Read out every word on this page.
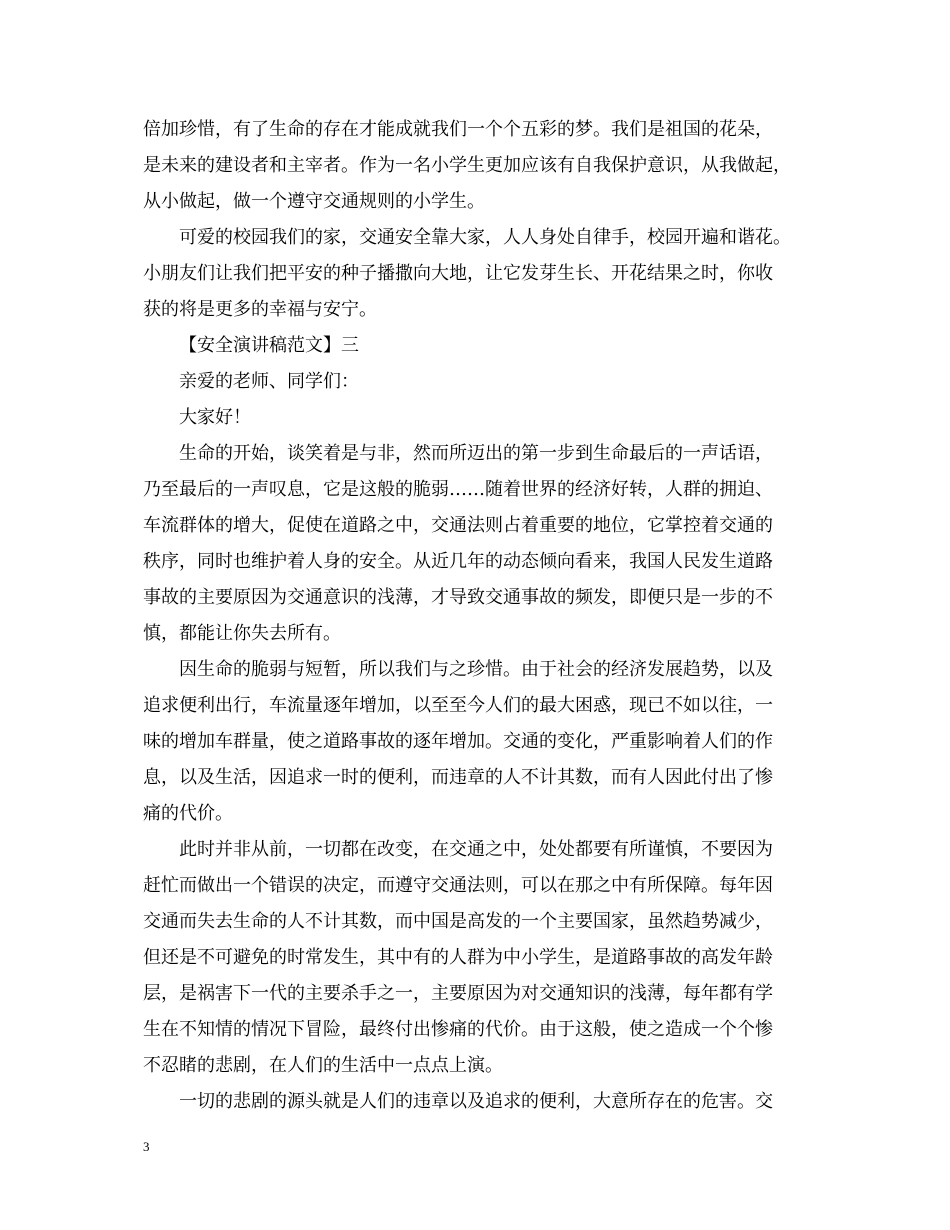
倍加珍惜，有了生命的存在才能成就我们一个个五彩的梦。我们是祖国的花朵，
是未来的建设者和主宰者。作为一名小学生更加应该有自我保护意识，从我做起，
从小做起，做一个遵守交通规则的小学生。
可爱的校园我们的家，交通安全靠大家，人人身处自律手，校园开遍和谐花。
小朋友们让我们把平安的种子播撒向大地，让它发芽生长、开花结果之时，你收
获的将是更多的幸福与安宁。
【安全演讲稿范文】三
亲爱的老师、同学们：
大家好！
生命的开始，谈笑着是与非，然而所迈出的第一步到生命最后的一声话语，
乃至最后的一声叹息，它是这般的脆弱……随着世界的经济好转，人群的拥迫、
车流群体的增大，促使在道路之中，交通法则占着重要的地位，它掌控着交通的
秩序，同时也维护着人身的安全。从近几年的动态倾向看来，我国人民发生道路
事故的主要原因为交通意识的浅薄，才导致交通事故的频发，即便只是一步的不
慎，都能让你失去所有。
因生命的脆弱与短暂，所以我们与之珍惜。由于社会的经济发展趋势，以及
追求便利出行，车流量逐年增加，以至至今人们的最大困惑，现已不如以往，一
味的增加车群量，使之道路事故的逐年增加。交通的变化，严重影响着人们的作
息，以及生活，因追求一时的便利，而违章的人不计其数，而有人因此付出了惨
痛的代价。
此时并非从前，一切都在改变，在交通之中，处处都要有所谨慎，不要因为
赶忙而做出一个错误的决定，而遵守交通法则，可以在那之中有所保障。每年因
交通而失去生命的人不计其数，而中国是高发的一个主要国家，虽然趋势减少，
但还是不可避免的时常发生，其中有的人群为中小学生，是道路事故的高发年龄
层，是祸害下一代的主要杀手之一，主要原因为对交通知识的浅薄，每年都有学
生在不知情的情况下冒险，最终付出惨痛的代价。由于这般，使之造成一个个惨
不忍睹的悲剧，在人们的生活中一点点上演。
一切的悲剧的源头就是人们的违章以及追求的便利，大意所存在的危害。交
3
